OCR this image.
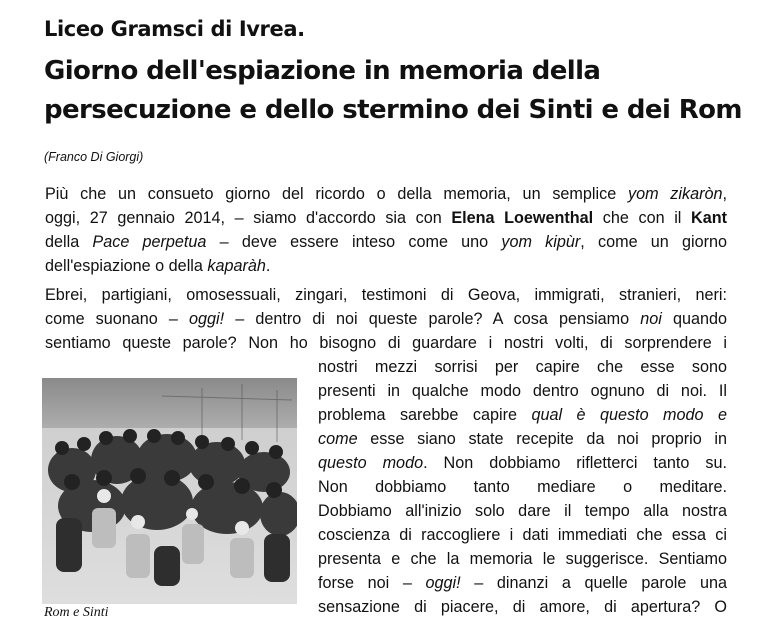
Liceo Gramsci di Ivrea.
Giorno dell'espiazione in memoria della
persecuzione e dello stermino dei Sinti e dei Rom
(Franco Di Giorgi)
Più che un consueto giorno del ricordo o della memoria, un semplice yom zikaròn,
oggi, 27 gennaio 2014, – siamo d'accordo sia con Elena Loewenthal che con il Kant
della Pace perpetua – deve essere inteso come uno yom kipùr, come un giorno
dell'espiazione o della kaparàh.
Ebrei, partigiani, omosessuali, zingari, testimoni di Geova, immigrati, stranieri, neri:
come suonano – oggi! – dentro di noi queste parole? A cosa pensiamo noi quando
sentiamo queste parole? Non ho bisogno di guardare i nostri volti, di sorprendere i
nostri mezzi sorrisi per capire che esse sono
presenti in qualche modo dentro ognuno di noi. Il
problema sarebbe capire qual è questo modo e
come esse siano state recepite da noi proprio in
questo modo. Non dobbiamo rifletterci tanto su.
Non dobbiamo tanto mediare o meditare.
Dobbiamo all'inizio solo dare il tempo alla nostra
coscienza di raccogliere i dati immediati che essa ci
presenta e che la memoria le suggerisce. Sentiamo
forse noi – oggi! – dinanzi a quelle parole una
sensazione di piacere, di amore, di apertura? O
Rom e Sinti
